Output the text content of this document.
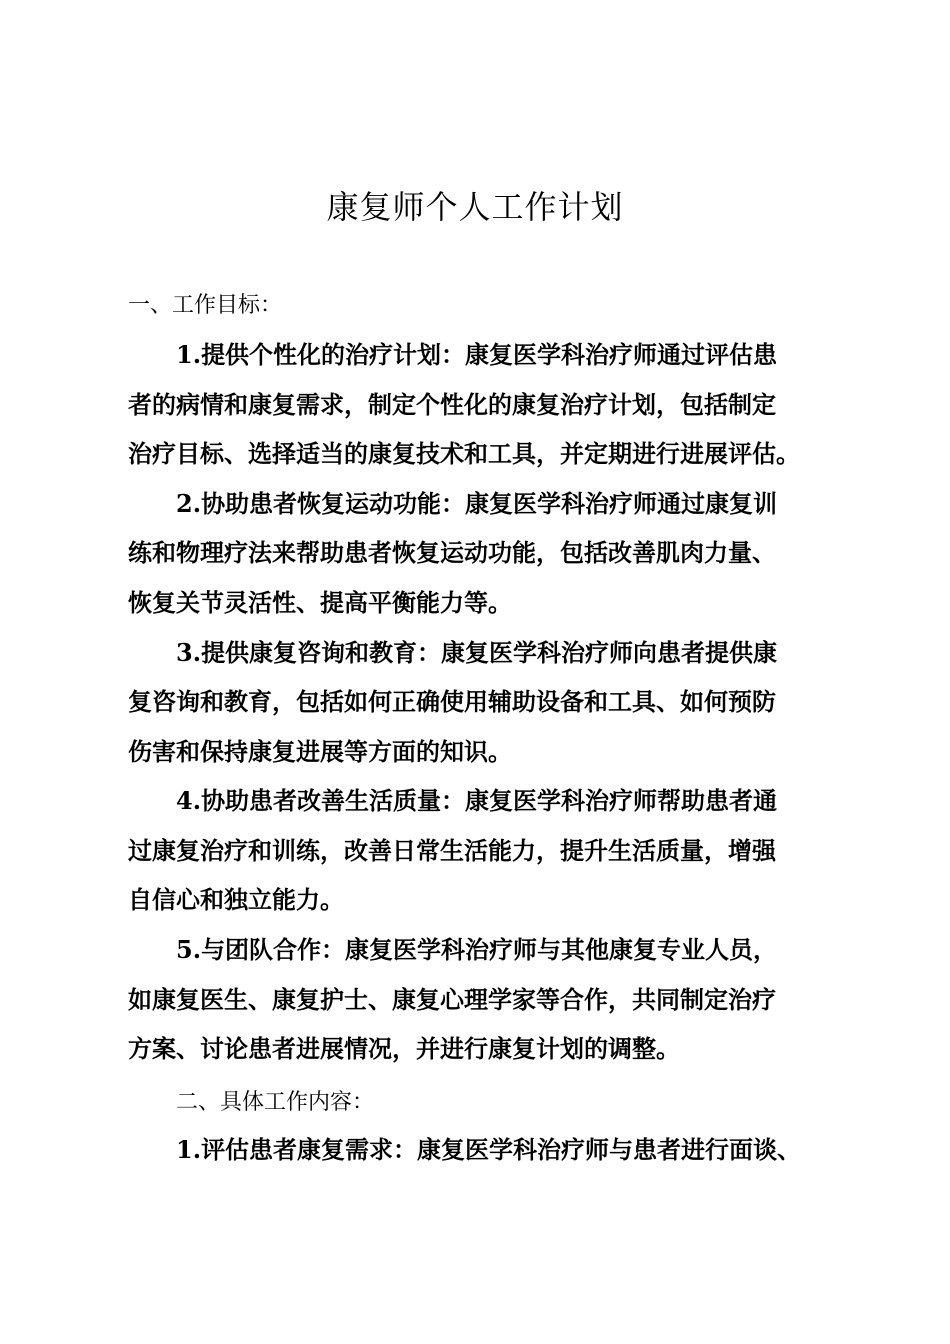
康复师个人工作计划
一、工作目标：
1.提供个性化的治疗计划：康复医学科治疗师通过评估患
者的病情和康复需求，制定个性化的康复治疗计划，包括制定
治疗目标、选择适当的康复技术和工具，并定期进行进展评估。
2.协助患者恢复运动功能：康复医学科治疗师通过康复训
练和物理疗法来帮助患者恢复运动功能，包括改善肌肉力量、
恢复关节灵活性、提高平衡能力等。
3.提供康复咨询和教育：康复医学科治疗师向患者提供康
复咨询和教育，包括如何正确使用辅助设备和工具、如何预防
伤害和保持康复进展等方面的知识。
4.协助患者改善生活质量：康复医学科治疗师帮助患者通
过康复治疗和训练，改善日常生活能力，提升生活质量，增强
自信心和独立能力。
5.与团队合作：康复医学科治疗师与其他康复专业人员，
如康复医生、康复护士、康复心理学家等合作，共同制定治疗
方案、讨论患者进展情况，并进行康复计划的调整。
二、具体工作内容：
1.评估患者康复需求：康复医学科治疗师与患者进行面谈、
